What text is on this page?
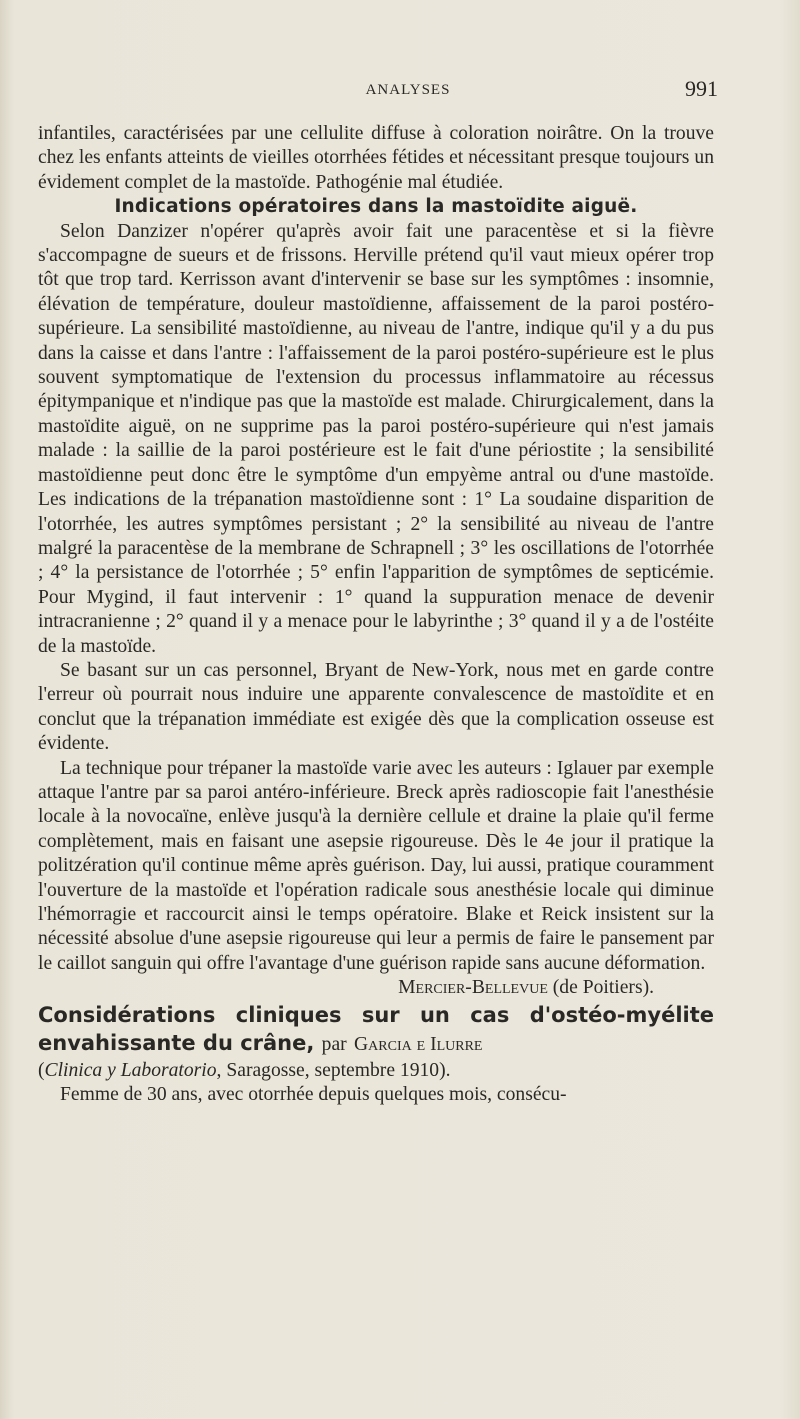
ANALYSES	991

infantiles, caractérisées par une cellulite diffuse à coloration noirâtre. On la trouve chez les enfants atteints de vieilles otorrhées fétides et nécessitant presque toujours un évidement complet de la mastoïde. Pathogénie mal étudiée.

Indications opératoires dans la mastoïdite aiguë.

Selon Danzizer n'opérer qu'après avoir fait une paracentèse et si la fièvre s'accompagne de sueurs et de frissons. Herville prétend qu'il vaut mieux opérer trop tôt que trop tard. Kerrisson avant d'intervenir se base sur les symptômes : insomnie, élévation de température, douleur mastoïdienne, affaissement de la paroi postéro-supérieure. La sensibilité mastoïdienne, au niveau de l'antre, indique qu'il y a du pus dans la caisse et dans l'antre : l'affaissement de la paroi postéro-supérieure est le plus souvent symptomatique de l'extension du processus inflammatoire au récessus épitympanique et n'indique pas que la mastoïde est malade. Chirurgicalement, dans la mastoïdite aiguë, on ne supprime pas la paroi postéro-supérieure qui n'est jamais malade : la saillie de la paroi postérieure est le fait d'une périostite ; la sensibilité mastoïdienne peut donc être le symptôme d'un empyème antral ou d'une mastoïde. Les indications de la trépanation mastoïdienne sont : 1° La soudaine disparition de l'otorrhée, les autres symptômes persistant ; 2° la sensibilité au niveau de l'antre malgré la paracentèse de la membrane de Schrapnell ; 3° les oscillations de l'otorrhée ; 4° la persistance de l'otorrhée ; 5° enfin l'apparition de symptômes de septicémie. Pour Mygind, il faut intervenir : 1° quand la suppuration menace de devenir intracranienne ; 2° quand il y a menace pour le labyrinthe ; 3° quand il y a de l'ostéite de la mastoïde.

Se basant sur un cas personnel, Bryant de New-York, nous met en garde contre l'erreur où pourrait nous induire une apparente convalescence de mastoïdite et en conclut que la trépanation immédiate est exigée dès que la complication osseuse est évidente.

La technique pour trépaner la mastoïde varie avec les auteurs : Iglauer par exemple attaque l'antre par sa paroi antéro-inférieure. Breck après radioscopie fait l'anesthésie locale à la novocaïne, enlève jusqu'à la dernière cellule et draine la plaie qu'il ferme complètement, mais en faisant une asepsie rigoureuse. Dès le 4e jour il pratique la politzération qu'il continue même après guérison. Day, lui aussi, pratique couramment l'ouverture de la mastoïde et l'opération radicale sous anesthésie locale qui diminue l'hémorragie et raccourcit ainsi le temps opératoire. Blake et Reick insistent sur la nécessité absolue d'une asepsie rigoureuse qui leur a permis de faire le pansement par le caillot sanguin qui offre l'avantage d'une guérison rapide sans aucune déformation.

Mercier-Bellevue (de Poitiers).

Considérations cliniques sur un cas d'ostéo-myélite envahissante du crâne, par Garcia e Ilurre

(Clinica y Laboratorio, Saragosse, septembre 1910).

Femme de 30 ans, avec otorrhée depuis quelques mois, consécu-
